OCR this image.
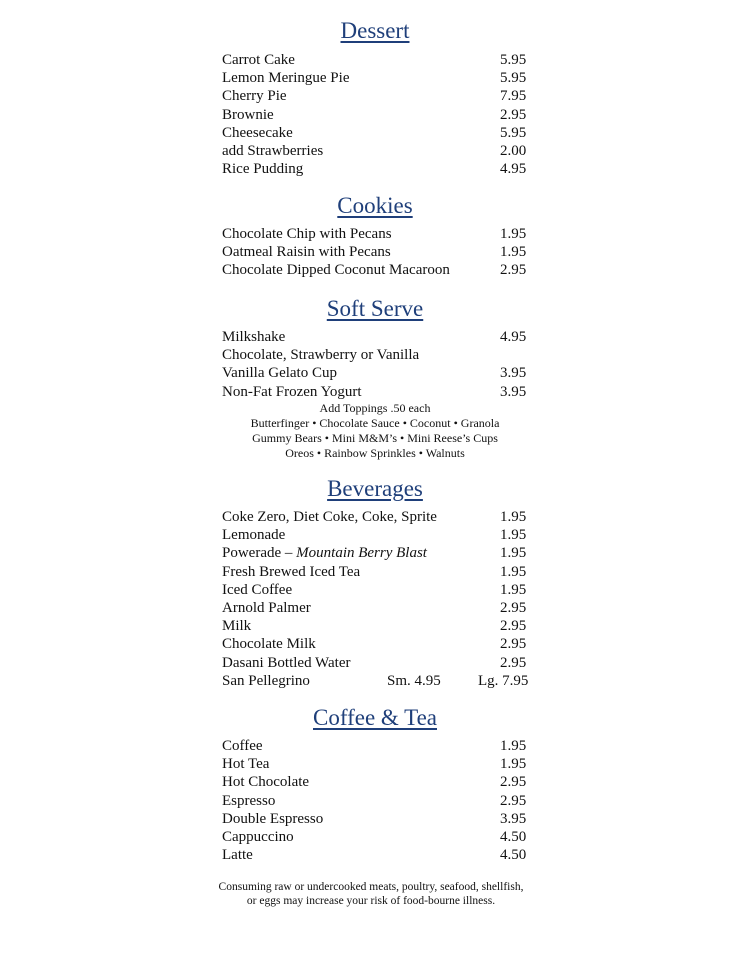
Dessert
Carrot Cake	5.95
Lemon Meringue Pie	5.95
Cherry Pie	7.95
Brownie	2.95
Cheesecake	5.95
add Strawberries	2.00
Rice Pudding	4.95
Cookies
Chocolate Chip with Pecans	1.95
Oatmeal Raisin with Pecans	1.95
Chocolate Dipped Coconut Macaroon	2.95
Soft Serve
Milkshake	4.95
Chocolate, Strawberry or Vanilla
Vanilla Gelato Cup	3.95
Non-Fat Frozen Yogurt	3.95
Add Toppings .50 each
Butterfinger • Chocolate Sauce • Coconut • Granola
Gummy Bears • Mini M&M’s • Mini Reese’s Cups
Oreos • Rainbow Sprinkles • Walnuts
Beverages
Coke Zero, Diet Coke, Coke, Sprite	1.95
Lemonade	1.95
Powerade – Mountain Berry Blast	1.95
Fresh Brewed Iced Tea	1.95
Iced Coffee	1.95
Arnold Palmer	2.95
Milk	2.95
Chocolate Milk	2.95
Dasani Bottled Water	2.95
San Pellegrino	Sm. 4.95 Lg. 7.95
Coffee & Tea
Coffee	1.95
Hot Tea	1.95
Hot Chocolate	2.95
Espresso	2.95
Double Espresso	3.95
Cappuccino	4.50
Latte	4.50
Consuming raw or undercooked meats, poultry, seafood, shellfish,
or eggs may increase your risk of food-bourne illness.
